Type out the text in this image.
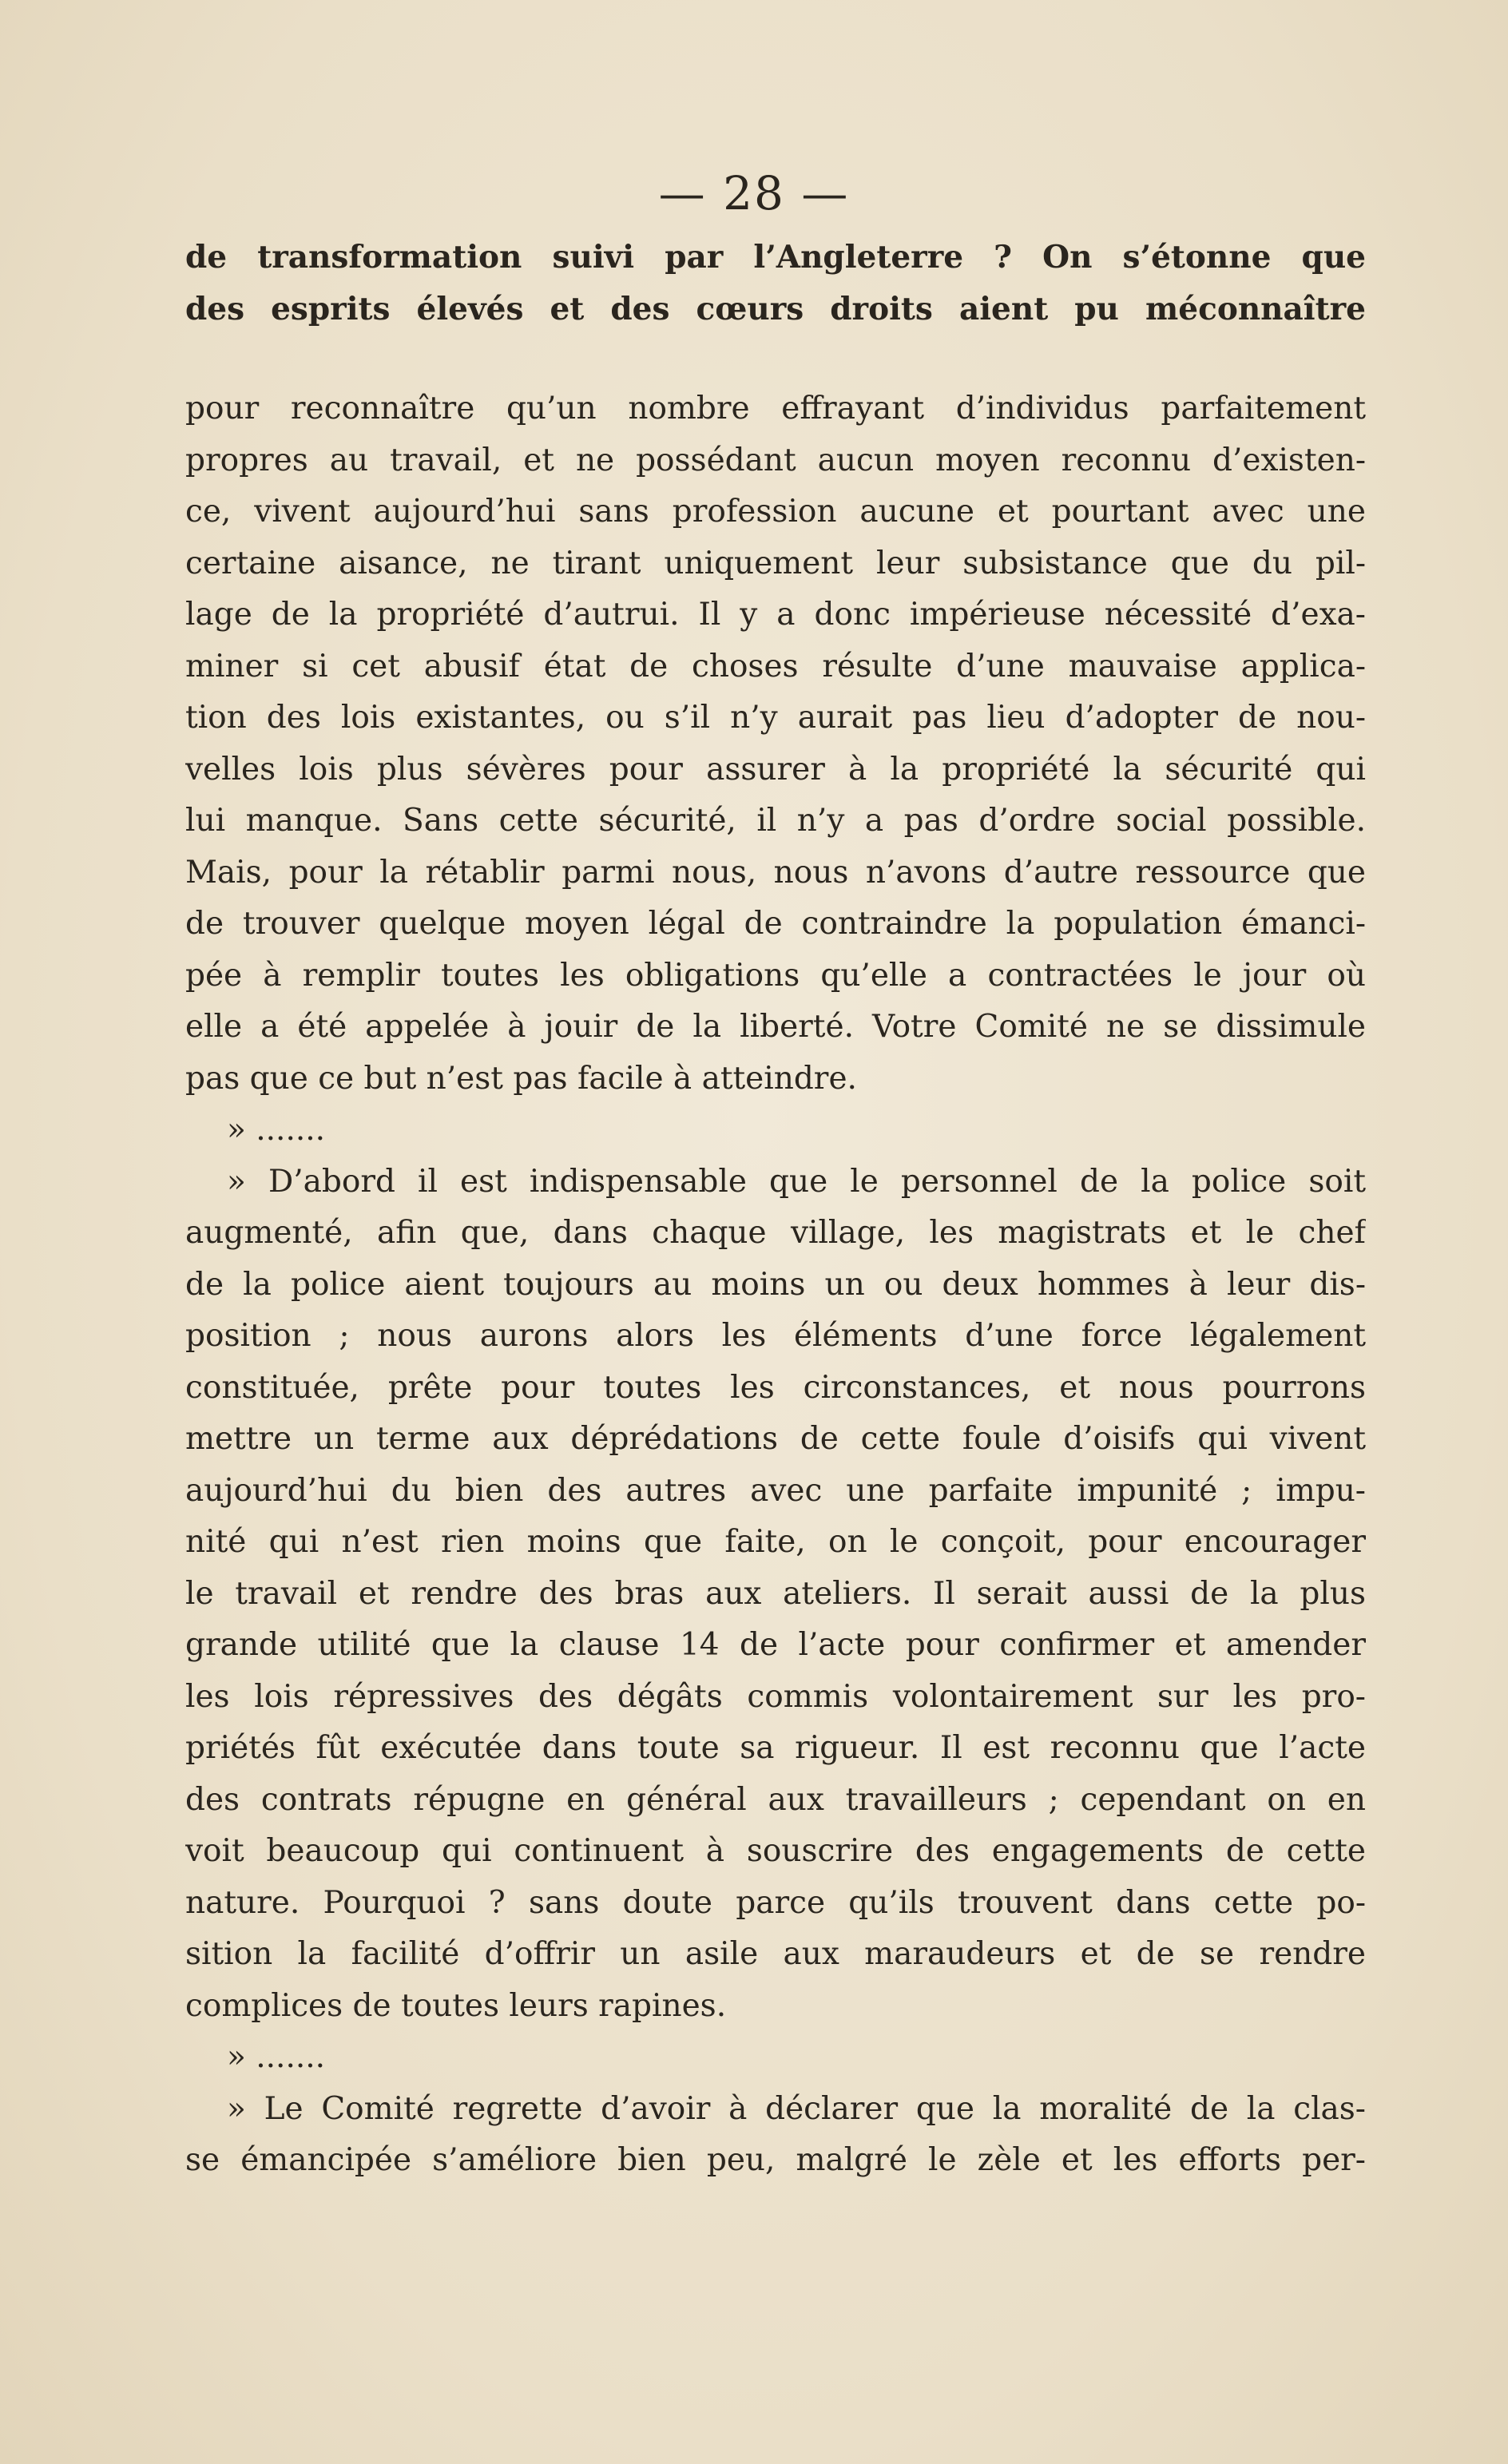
— 28 —
de transformation suivi par l’Angleterre ? On s’étonne que
des esprits élevés et des cœurs droits aient pu méconnaître
pour reconnaître qu’un nombre effrayant d’individus parfaitement
propres au travail, et ne possédant aucun moyen reconnu d’existen-
ce, vivent aujourd’hui sans profession aucune et pourtant avec une
certaine aisance, ne tirant uniquement leur subsistance que du pil-
lage de la propriété d’autrui. Il y a donc impérieuse nécessité d’exa-
miner si cet abusif état de choses résulte d’une mauvaise applica-
tion des lois existantes, ou s’il n’y aurait pas lieu d’adopter de nou-
velles lois plus sévères pour assurer à la propriété la sécurité qui
lui manque. Sans cette sécurité, il n’y a pas d’ordre social possible.
Mais, pour la rétablir parmi nous, nous n’avons d’autre ressource que
de trouver quelque moyen légal de contraindre la population émanci-
pée à remplir toutes les obligations qu’elle a contractées le jour où
elle a été appelée à jouir de la liberté. Votre Comité ne se dissimule
pas que ce but n’est pas facile à atteindre.
» .......
» D’abord il est indispensable que le personnel de la police soit
augmenté, afin que, dans chaque village, les magistrats et le chef
de la police aient toujours au moins un ou deux hommes à leur dis-
position ; nous aurons alors les éléments d’une force légalement
constituée, prête pour toutes les circonstances, et nous pourrons
mettre un terme aux déprédations de cette foule d’oisifs qui vivent
aujourd’hui du bien des autres avec une parfaite impunité ; impu-
nité qui n’est rien moins que faite, on le conçoit, pour encourager
le travail et rendre des bras aux ateliers. Il serait aussi de la plus
grande utilité que la clause 14 de l’acte pour confirmer et amender
les lois répressives des dégâts commis volontairement sur les pro-
priétés fût exécutée dans toute sa rigueur. Il est reconnu que l’acte
des contrats répugne en général aux travailleurs ; cependant on en
voit beaucoup qui continuent à souscrire des engagements de cette
nature. Pourquoi ? sans doute parce qu’ils trouvent dans cette po-
sition la facilité d’offrir un asile aux maraudeurs et de se rendre
complices de toutes leurs rapines.
» .......
» Le Comité regrette d’avoir à déclarer que la moralité de la clas-
se émancipée s’améliore bien peu, malgré le zèle et les efforts per-
